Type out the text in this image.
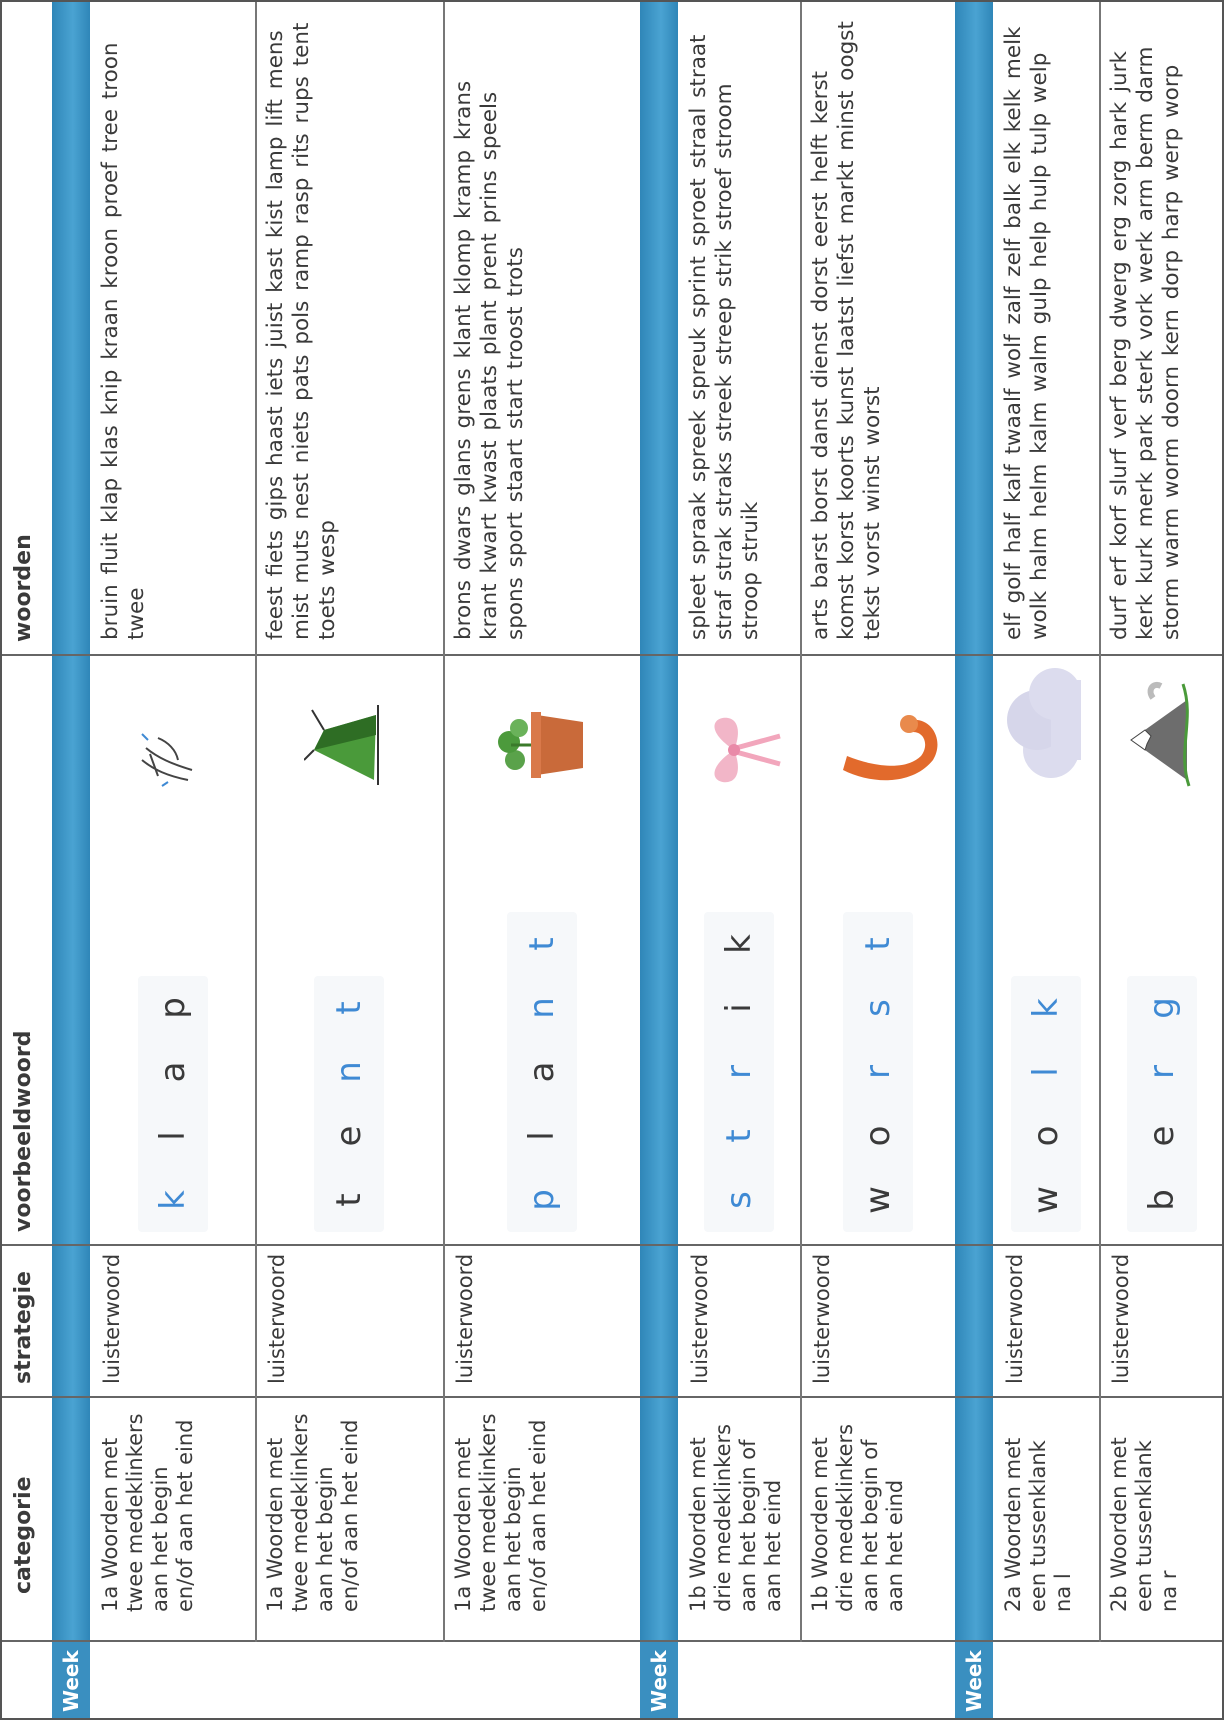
categorie
strategie
voorbeeldwoord
woorden
Week 1	Week 2	Week 3
1a Woorden met
twee medeklinkers
aan het begin
en/of aan het eind
luisterwoord
k
l
a
p
bruin fluit klap klas knip kraan kroon proef tree troon twee
1a Woorden met
twee medeklinkers
aan het begin
en/of aan het eind
luisterwoord
t
e
n
t
feest fiets gips haast iets juist kast kist lamp lift mens mist muts nest niets pats pols ramp rasp rits rups tent toets wesp
1a Woorden met
twee medeklinkers
aan het begin
en/of aan het eind
luisterwoord
p
l
a
n
t
brons dwars glans grens klant klomp kramp krans krant kwart kwast plaats plant prent prins speels spons sport staart start troost trots
1b Woorden met
drie medeklinkers
aan het begin of
aan het eind
luisterwoord
s
t
r
i
k
spleet spraak spreek spreuk sprint sproet straal straat straf strak straks streek streep strik stroef stroom stroop struik
1b Woorden met
drie medeklinkers
aan het begin of
aan het eind
luisterwoord
w
o
r
s
t
arts barst borst danst dienst dorst eerst helft kerst komst korst koorts kunst laatst liefst markt minst oogst tekst vorst winst worst
2a Woorden met
een tussenklank
na l
luisterwoord
w
o
l
k
elf golf half kalf twaalf wolf zalf zelf balk elk kelk melk wolk halm helm kalm walm gulp help hulp tulp welp
2b Woorden met
een tussenklank
na r
luisterwoord
b
e
r
g
durf erf korf slurf verf berg dwerg erg zorg hark jurk kerk kurk merk park sterk vork werk arm berm darm storm warm worm doorn kern dorp harp werp worp
